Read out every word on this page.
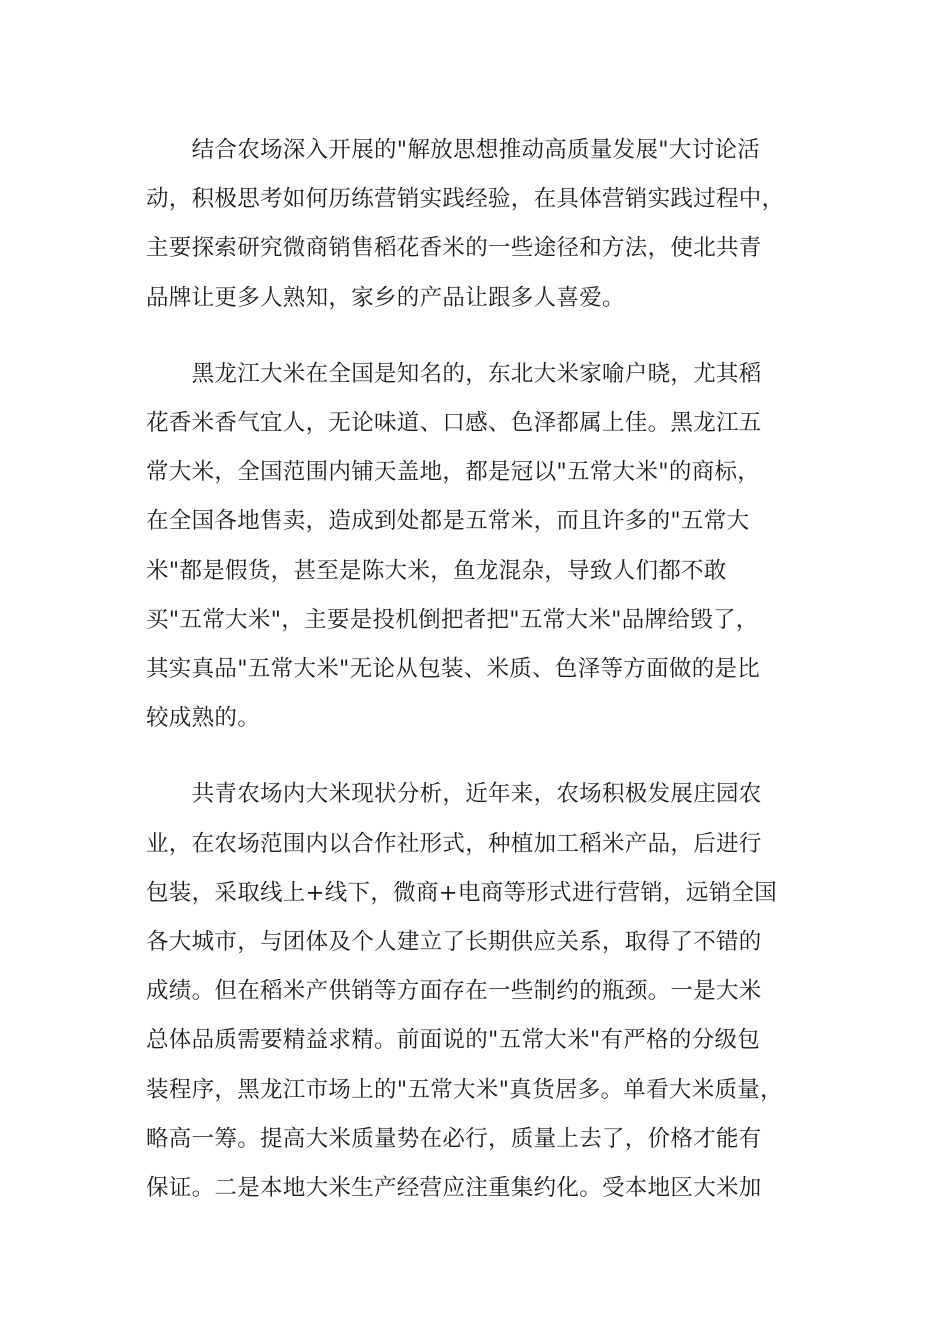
　　结合农场深入开展的"解放思想推动高质量发展"大讨论活
动，积极思考如何历练营销实践经验，在具体营销实践过程中，
主要探索研究微商销售稻花香米的一些途径和方法，使北共青
品牌让更多人熟知，家乡的产品让跟多人喜爱。

　　黑龙江大米在全国是知名的，东北大米家喻户晓，尤其稻
花香米香气宜人，无论味道、口感、色泽都属上佳。黑龙江五
常大米，全国范围内铺天盖地，都是冠以"五常大米"的商标，
在全国各地售卖，造成到处都是五常米，而且许多的"五常大
米"都是假货，甚至是陈大米，鱼龙混杂，导致人们都不敢
买"五常大米"，主要是投机倒把者把"五常大米"品牌给毁了，
其实真品"五常大米"无论从包装、米质、色泽等方面做的是比
较成熟的。

　　共青农场内大米现状分析，近年来，农场积极发展庄园农
业，在农场范围内以合作社形式，种植加工稻米产品，后进行
包装，采取线上+线下，微商+电商等形式进行营销，远销全国
各大城市，与团体及个人建立了长期供应关系，取得了不错的
成绩。但在稻米产供销等方面存在一些制约的瓶颈。一是大米
总体品质需要精益求精。前面说的"五常大米"有严格的分级包
装程序，黑龙江市场上的"五常大米"真货居多。单看大米质量，
略高一筹。提高大米质量势在必行，质量上去了，价格才能有
保证。二是本地大米生产经营应注重集约化。受本地区大米加
